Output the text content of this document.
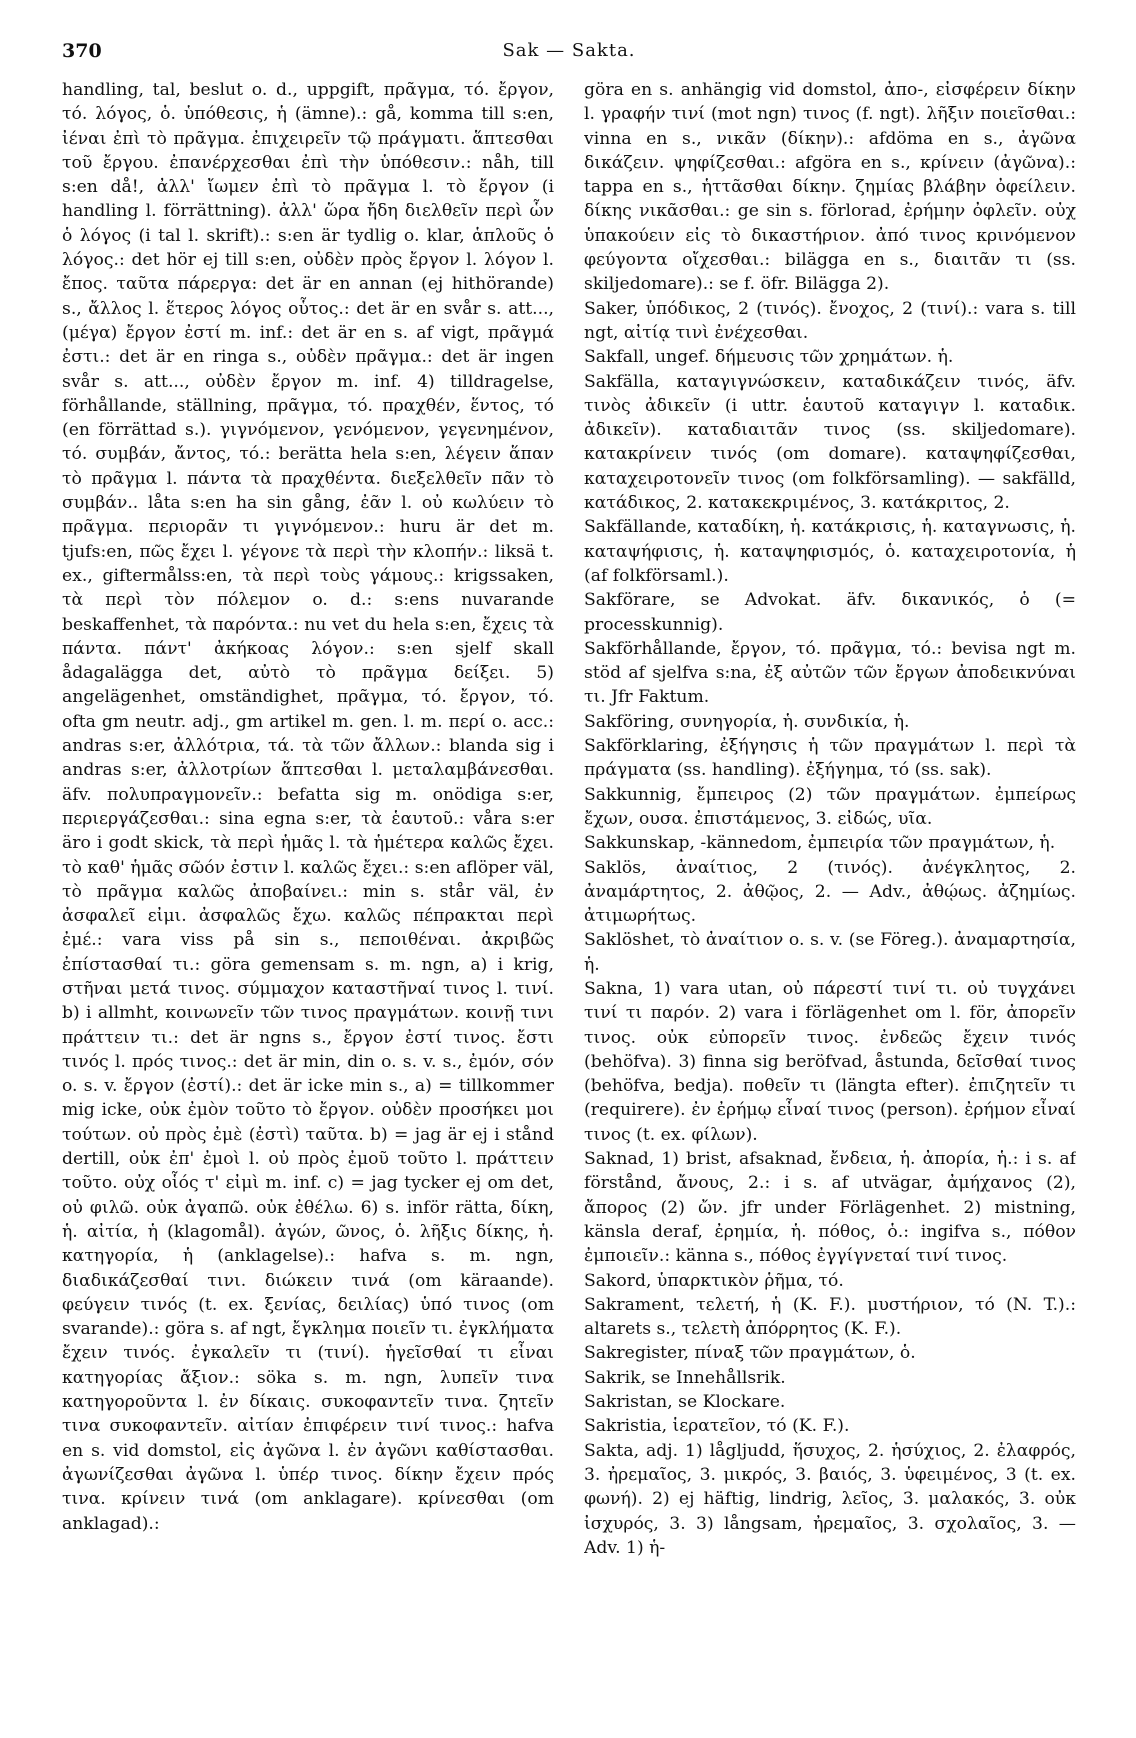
370	Sak — Sakta.

handling, tal, beslut o. d., uppgift, πρᾶγμα, τό. ἔργον, τό. λόγος, ὁ. ὑπόθεσις, ἡ (ämne).: gå, komma till s:en, ἰέναι ἐπὶ τὸ πρᾶγμα. ἐπιχειρεῖν τῷ πράγματι. ἅπτεσθαι τοῦ ἔργου. ἐπανέρχεσθαι ἐπὶ τὴν ὑπόθεσιν.: nåh, till s:en då!, ἀλλ' ἴωμεν ἐπὶ τὸ πρᾶγμα l. τὸ ἔργον (i handling l. förrättning). ἀλλ' ὥρα ἤδη διελθεῖν περὶ ὧν ὁ λόγος (i tal l. skrift).: s:en är tydlig o. klar, ἁπλοῦς ὁ λόγος.: det hör ej till s:en, οὐδὲν πρὸς ἔργον l. λόγον l. ἔπος. ταῦτα πάρεργα: det är en annan (ej hithörande) s., ἄλλος l. ἕτερος λόγος οὗτος.: det är en svår s. att..., (μέγα) ἔργον ἐστί m. inf.: det är en s. af vigt, πρᾶγμά ἐστι.: det är en ringa s., οὐδὲν πρᾶγμα.: det är ingen svår s. att..., οὐδὲν ἔργον m. inf. 4) tilldragelse, förhållande, ställning, πρᾶγμα, τό. πραχθέν, ἕντος, τό (en förrättad s.). γιγνόμενον, γενόμενον, γεγενημένον, τό. συμβάν, ἄντος, τό.: berätta hela s:en, λέγειν ἅπαν τὸ πρᾶγμα l. πάντα τὰ πραχθέντα. διεξελθεῖν πᾶν τὸ συμβάν.. låta s:en ha sin gång, ἐᾶν l. οὐ κωλύειν τὸ πρᾶγμα. περιορᾶν τι γιγνόμενον.: huru är det m. tjufs:en, πῶς ἔχει l. γέγονε τὰ περὶ τὴν κλοπήν.: liksä t. ex., giftermålss:en, τὰ περὶ τοὺς γάμους.: krigssaken, τὰ περὶ τὸν πόλεμον o. d.: s:ens nuvarande beskaffenhet, τὰ παρόντα.: nu vet du hela s:en, ἔχεις τὰ πάντα. πάντ' ἀκήκοας λόγον.: s:en sjelf skall ådagalägga det, αὐτὸ τὸ πρᾶγμα δείξει. 5) angelägenhet, omständighet, πρᾶγμα, τό. ἔργον, τό. ofta gm neutr. adj., gm artikel m. gen. l. m. περί o. acc.: andras s:er, ἀλλότρια, τά. τὰ τῶν ἄλλων.: blanda sig i andras s:er, ἀλλοτρίων ἅπτεσθαι l. μεταλαμβάνεσθαι. äfv. πολυπραγμονεῖν.: befatta sig m. onödiga s:er, περιεργάζεσθαι.: sina egna s:er, τὰ ἑαυτοῦ.: våra s:er äro i godt skick, τὰ περὶ ἡμᾶς l. τὰ ἡμέτερα καλῶς ἔχει. τὸ καθ' ἡμᾶς σῶόν ἐστιν l. καλῶς ἔχει.: s:en aflöper väl, τὸ πρᾶγμα καλῶς ἀποβαίνει.: min s. står väl, ἐν ἀσφαλεῖ εἰμι. ἀσφαλῶς ἔχω. καλῶς πέπρακται περὶ ἐμέ.: vara viss på sin s., πεποιθέναι. ἀκριβῶς ἐπίστασθαί τι.: göra gemensam s. m. ngn, a) i krig, στῆναι μετά τινος. σύμμαχον καταστῆναί τινος l. τινί. b) i allmht, κοινωνεῖν τῶν τινος πραγμάτων. κοινῇ τινι πράττειν τι.: det är ngns s., ἔργον ἐστί τινος. ἔστι τινός l. πρός τινος.: det är min, din o. s. v. s., ἐμόν, σόν o. s. v. ἔργον (ἐστί).: det är icke min s., a) = tillkommer mig icke, οὐκ ἐμὸν τοῦτο τὸ ἔργον. οὐδὲν προσήκει μοι τούτων. οὐ πρὸς ἐμὲ (ἐστὶ) ταῦτα. b) = jag är ej i stånd dertill, οὐκ ἐπ' ἐμοὶ l. οὐ πρὸς ἐμοῦ τοῦτο l. πράττειν τοῦτο. οὐχ οἷός τ' εἰμὶ m. inf. c) = jag tycker ej om det, οὐ φιλῶ. οὐκ ἀγαπῶ. οὐκ ἐθέλω. 6) s. inför rätta, δίκη, ἡ. αἰτία, ἡ (klagomål). ἀγών, ῶνος, ὁ. λῆξις δίκης, ἡ. κατηγορία, ἡ (anklagelse).: hafva s. m. ngn, διαδικάζεσθαί τινι. διώκειν τινά (om käraande). φεύγειν τινός (t. ex. ξενίας, δειλίας) ὑπό τινος (om svarande).: göra s. af ngt, ἔγκλημα ποιεῖν τι. ἐγκλήματα ἔχειν τινός. ἐγκαλεῖν τι (τινί). ἡγεῖσθαί τι εἶναι κατηγορίας ἄξιον.: söka s. m. ngn, λυπεῖν τινα κατηγοροῦντα l. ἐν δίκαις. συκοφαντεῖν τινα. ζητεῖν τινα συκοφαντεῖν. αἰτίαν ἐπιφέρειν τινί τινος.: hafva en s. vid domstol, εἰς ἀγῶνα l. ἐν ἀγῶνι καθίστασθαι. ἀγωνίζεσθαι ἀγῶνα l. ὑπέρ τινος. δίκην ἔχειν πρός τινα. κρίνειν τινά (om anklagare). κρίνεσθαι (om anklagad).:

göra en s. anhängig vid domstol, ἀπο-, εἰσφέρειν δίκην l. γραφήν τινί (mot ngn) τινος (f. ngt). λῆξιν ποιεῖσθαι.: vinna en s., νικᾶν (δίκην).: afdöma en s., ἀγῶνα δικάζειν. ψηφίζεσθαι.: afgöra en s., κρίνειν (ἀγῶνα).: tappa en s., ἡττᾶσθαι δίκην. ζημίας βλάβην ὀφείλειν. δίκης νικᾶσθαι.: ge sin s. förlorad, ἐρήμην ὀφλεῖν. οὐχ ὑπακούειν εἰς τὸ δικαστήριον. ἀπό τινος κρινόμενον φεύγοντα οἴχεσθαι.: bilägga en s., διαιτᾶν τι (ss. skiljedomare).: se f. öfr. Bilägga 2).

Saker, ὑπόδικος, 2 (τινός). ἔνοχος, 2 (τινί).: vara s. till ngt, αἰτίᾳ τινὶ ἐνέχεσθαι.

Sakfall, ungef. δήμευσις τῶν χρημάτων. ἡ.

Sakfälla, καταγιγνώσκειν, καταδικάζειν τινός, äfv. τινὸς ἀδικεῖν (i uttr. ἑαυτοῦ καταγιγν l. καταδικ. ἀδικεῖν). καταδιαιτᾶν τινος (ss. skiljedomare). κατακρίνειν τινός (om domare). καταψηφίζεσθαι, καταχειροτονεῖν τινος (om folkförsamling). — sakfälld, κατάδικος, 2. κατακεκριμένος, 3. κατάκριτος, 2.

Sakfällande, καταδίκη, ἡ. κατάκρισις, ἡ. καταγνωσις, ἡ. καταψήφισις, ἡ. καταψηφισμός, ὁ. καταχειροτονία, ἡ (af folkförsaml.).

Sakförare, se Advokat. äfv. δικανικός, ὁ (= processkunnig).

Sakförhållande, ἔργον, τό. πρᾶγμα, τό.: bevisa ngt m. stöd af sjelfva s:na, ἐξ αὐτῶν τῶν ἔργων ἀποδεικνύναι τι. Jfr Faktum.

Sakföring, συνηγορία, ἡ. συνδικία, ἡ.

Sakförklaring, ἐξήγησις ἡ τῶν πραγμάτων l. περὶ τὰ πράγματα (ss. handling). ἐξήγημα, τό (ss. sak).

Sakkunnig, ἔμπειρος (2) τῶν πραγμάτων. ἐμπείρως ἔχων, ουσα. ἐπιστάμενος, 3. εἰδώς, υῖα.

Sakkunskap, -kännedom, ἐμπειρία τῶν πραγμάτων, ἡ.

Saklös, ἀναίτιος, 2 (τινός). ἀνέγκλητος, 2. ἀναμάρτητος, 2. ἀθῷος, 2. — Adv., ἀθῴως. ἀζημίως. ἀτιμωρήτως.

Saklöshet, τὸ ἀναίτιον o. s. v. (se Föreg.). ἀναμαρτησία, ἡ.

Sakna, 1) vara utan, οὐ πάρεστί τινί τι. οὐ τυγχάνει τινί τι παρόν. 2) vara i förlägenhet om l. för, ἀπορεῖν τινος. οὐκ εὐπορεῖν τινος. ἐνδεῶς ἔχειν τινός (behöfva). 3) finna sig beröfvad, åstunda, δεῖσθαί τινος (behöfva, bedja). ποθεῖν τι (längta efter). ἐπιζητεῖν τι (requirere). ἐν ἐρήμῳ εἶναί τινος (person). ἐρήμον εἶναί τινος (t. ex. φίλων).

Saknad, 1) brist, afsaknad, ἔνδεια, ἡ. ἀπορία, ἡ.: i s. af förstånd, ἄνους, 2.: i s. af utvägar, ἀμήχανος (2), ἄπορος (2) ὤν. jfr under Förlägenhet. 2) mistning, känsla deraf, ἐρημία, ἡ. πόθος, ὁ.: ingifva s., πόθον ἐμποιεῖν.: känna s., πόθος ἐγγίγνεταί τινί τινος.

Sakord, ὑπαρκτικὸν ῥῆμα, τό.

Sakrament, τελετή, ἡ (K. F.). μυστήριον, τό (N. T.).: altarets s., τελετὴ ἀπόρρητος (K. F.).

Sakregister, πίναξ τῶν πραγμάτων, ὁ.

Sakrik, se Innehållsrik.

Sakristan, se Klockare.

Sakristia, ἱερατεῖον, τό (K. F.).

Sakta, adj. 1) lågljudd, ἥσυχος, 2. ἡσύχιος, 2. ἐλαφρός, 3. ἠρεμαῖος, 3. μικρός, 3. βαιός, 3. ὑφειμένος, 3 (t. ex. φωνή). 2) ej häftig, lindrig, λεῖος, 3. μαλακός, 3. οὐκ ἰσχυρός, 3. 3) långsam, ἠρεμαῖος, 3. σχολαῖος, 3. — Adv. 1) ἡ-
